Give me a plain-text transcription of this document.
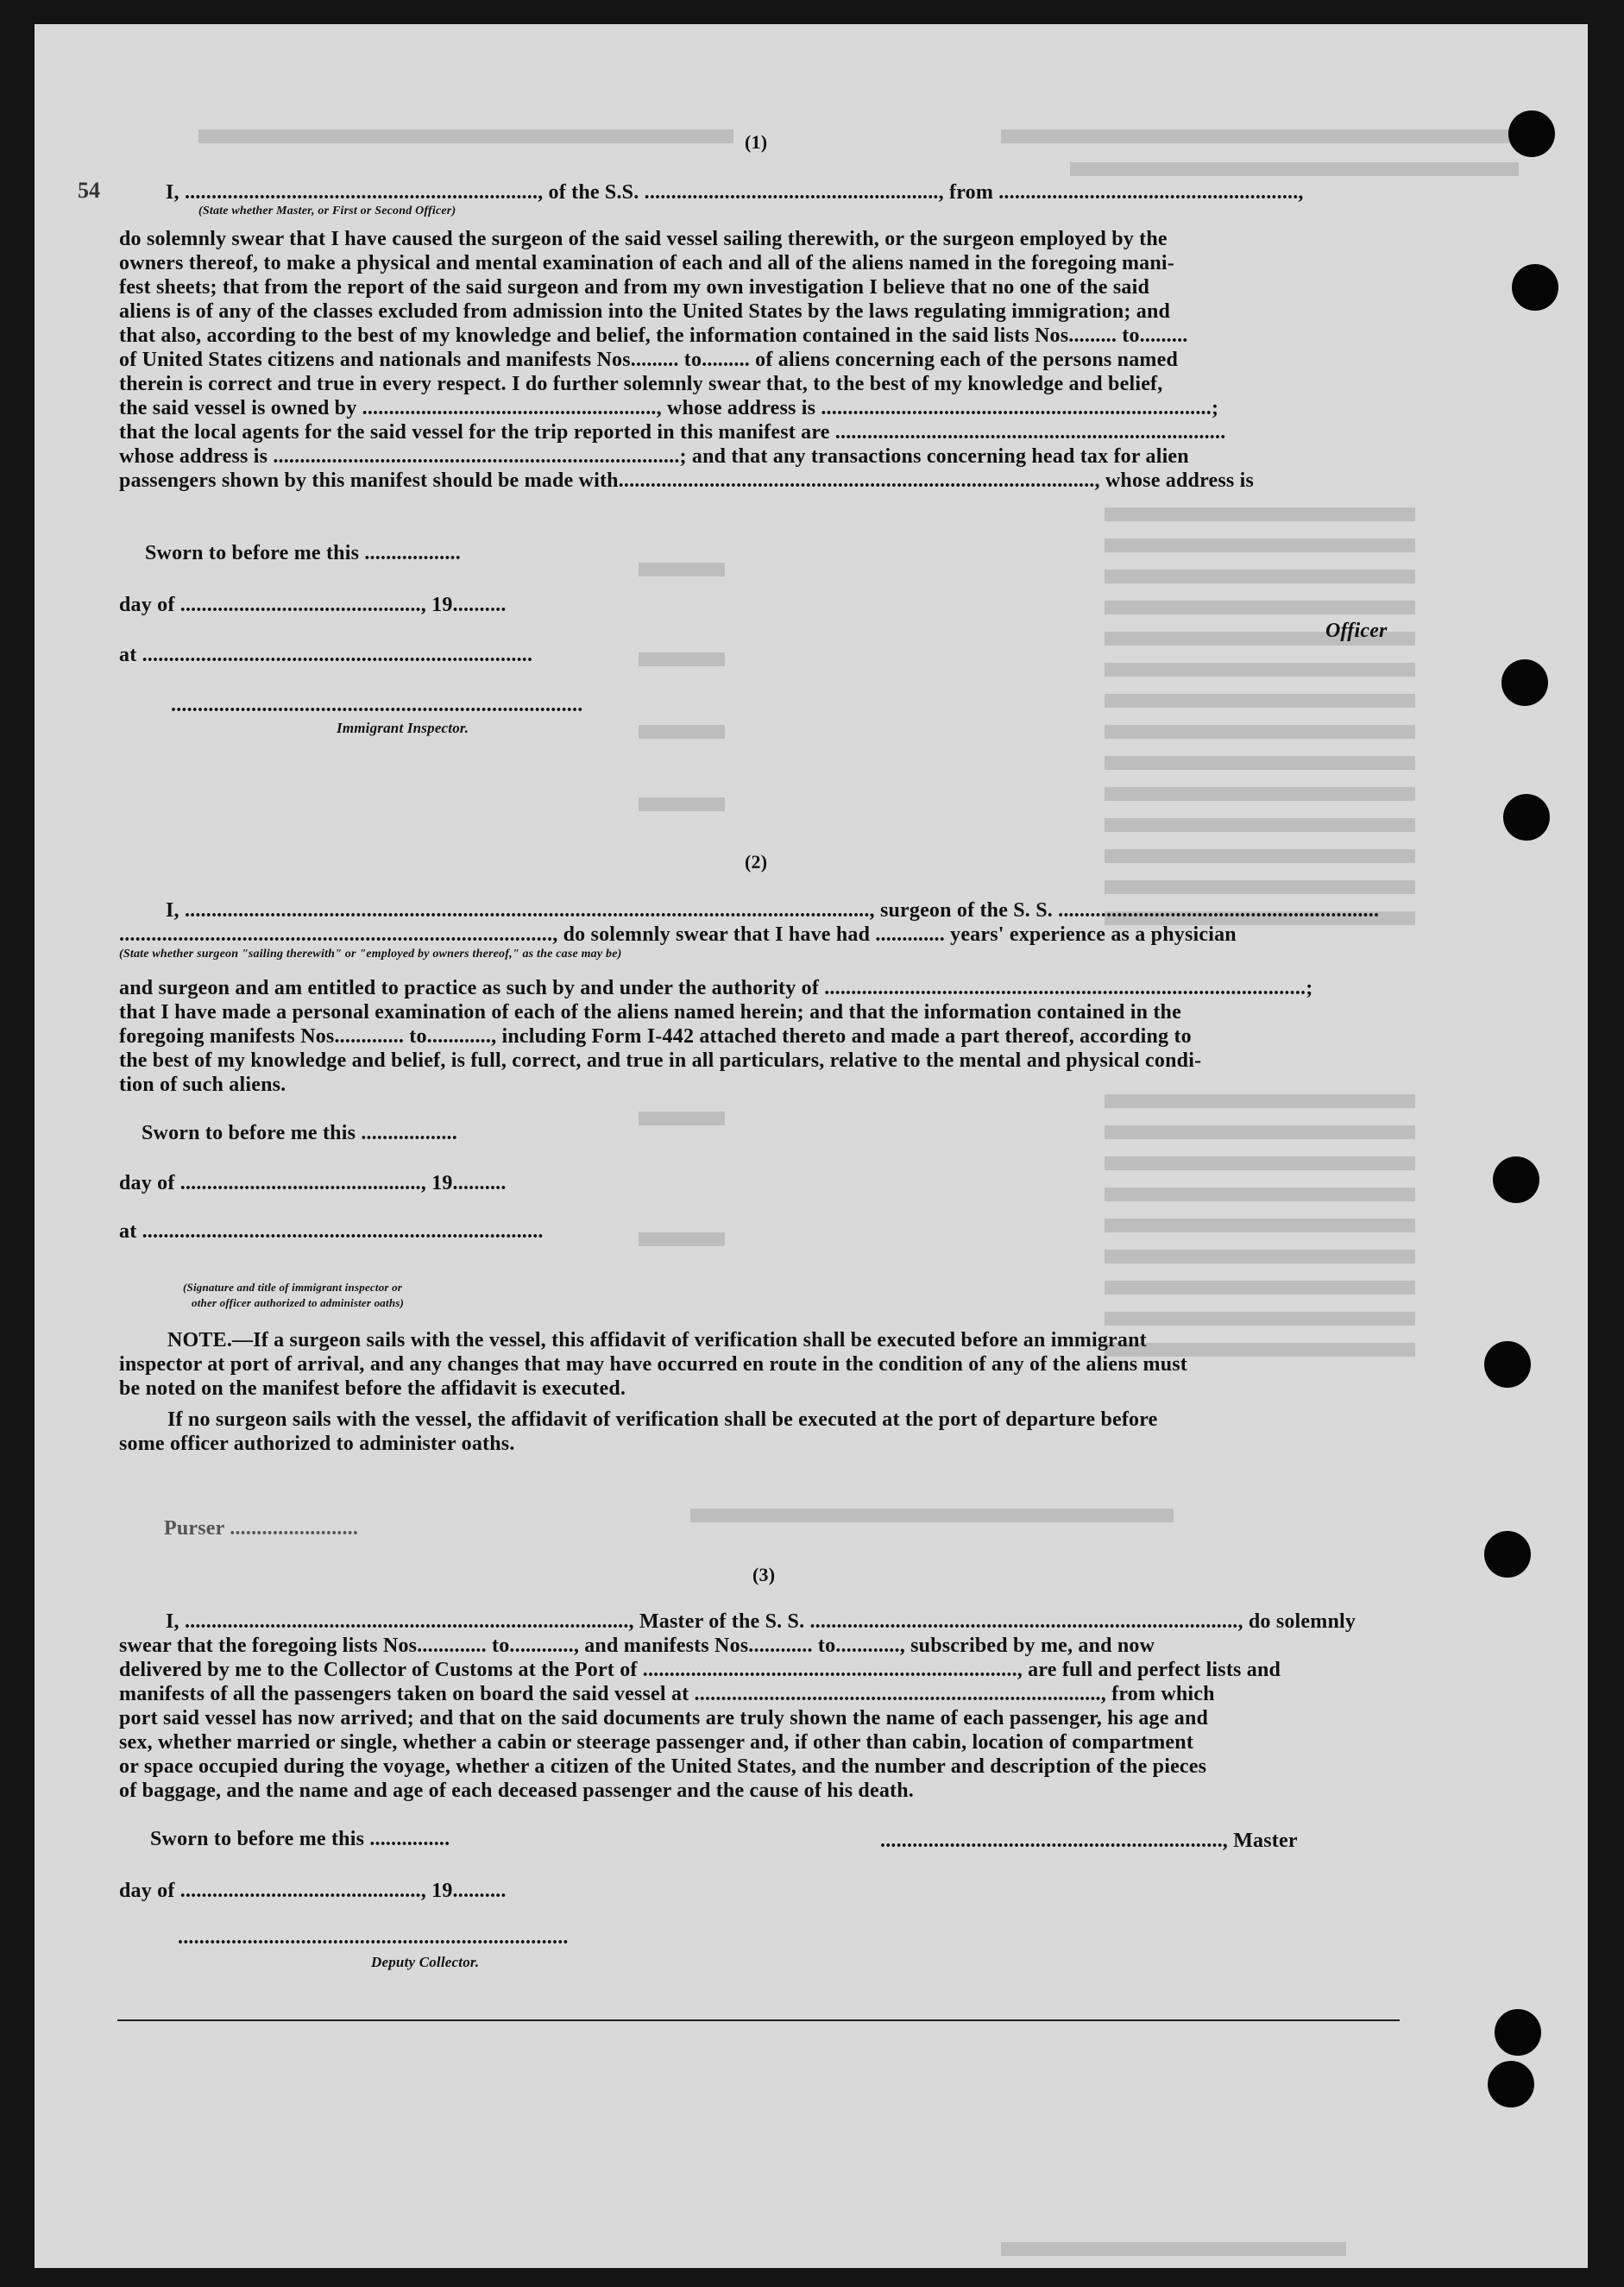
54
(1)
I, .................................................................., of the S.S. ......................................................., from ........................................................,
(State whether Master, or First or Second Officer)
do solemnly swear that I have caused the surgeon of the said vessel sailing therewith, or the surgeon employed by the
owners thereof, to make a physical and mental examination of each and all of the aliens named in the foregoing mani-
fest sheets; that from the report of the said surgeon and from my own investigation I believe that no one of the said
aliens is of any of the classes excluded from admission into the United States by the laws regulating immigration; and
that also, according to the best of my knowledge and belief, the information contained in the said lists Nos......... to.........
of United States citizens and nationals and manifests Nos......... to......... of aliens concerning each of the persons named
therein is correct and true in every respect. I do further solemnly swear that, to the best of my knowledge and belief,
the said vessel is owned by ......................................................., whose address is .........................................................................;
that the local agents for the said vessel for the trip reported in this manifest are .........................................................................
whose address is ............................................................................; and that any transactions concerning head tax for alien
passengers shown by this manifest should be made with........................................................................................., whose address is
Sworn to before me this ..................
day of ............................................., 19..........
at .........................................................................
Officer
.............................................................................
Immigrant Inspector.
(2)
I, ................................................................................................................................, surgeon of the S. S. ............................................................
................................................................................., do solemnly swear that I have had ............. years' experience as a physician
(State whether surgeon "sailing therewith" or "employed by owners thereof," as the case may be)
and surgeon and am entitled to practice as such by and under the authority of ..........................................................................................;
that I have made a personal examination of each of the aliens named herein; and that the information contained in the
foregoing manifests Nos............. to............, including Form I-442 attached thereto and made a part thereof, according to
the best of my knowledge and belief, is full, correct, and true in all particulars, relative to the mental and physical condi-
tion of such aliens.
Sworn to before me this ..................
day of ............................................., 19..........
at ...........................................................................
(Signature and title of immigrant inspector or
other officer authorized to administer oaths)
NOTE.—If a surgeon sails with the vessel, this affidavit of verification shall be executed before an immigrant
inspector at port of arrival, and any changes that may have occurred en route in the condition of any of the aliens must
be noted on the manifest before the affidavit is executed.
If no surgeon sails with the vessel, the affidavit of verification shall be executed at the port of departure before
some officer authorized to administer oaths.
Purser ........................
(3)
I, ..................................................................................., Master of the S. S. ................................................................................, do solemnly
swear that the foregoing lists Nos............. to............, and manifests Nos............ to............, subscribed by me, and now
delivered by me to the Collector of Customs at the Port of ......................................................................, are full and perfect lists and
manifests of all the passengers taken on board the said vessel at ............................................................................, from which
port said vessel has now arrived; and that on the said documents are truly shown the name of each passenger, his age and
sex, whether married or single, whether a cabin or steerage passenger and, if other than cabin, location of compartment
or space occupied during the voyage, whether a citizen of the United States, and the number and description of the pieces
of baggage, and the name and age of each deceased passenger and the cause of his death.
Sworn to before me this ...............	................................................................, Master
day of ............................................., 19..........
.........................................................................
Deputy Collector.
